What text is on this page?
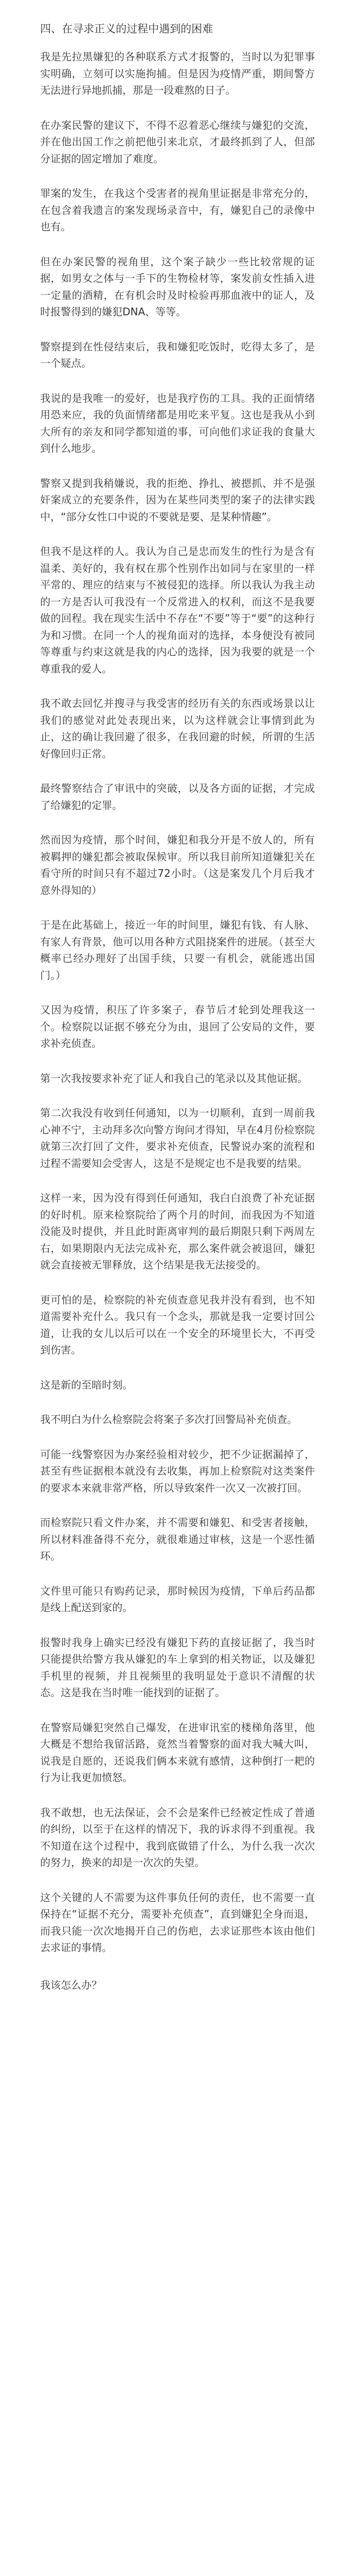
四、在寻求正义的过程中遇到的困难
我是先拉黑嫌犯的各种联系方式才报警的，当时以为犯罪事实明确，立刻可以实施拘捕。但是因为疫情严重，期间警方无法进行异地抓捕，那是一段难熬的日子。
在办案民警的建议下，不得不忍着恶心继续与嫌犯的交流，并在他出国工作之前把他引来北京，才最终抓到了人，但部分证据的固定增加了难度。
罪案的发生，在我这个受害者的视角里证据是非常充分的，在包含着我遗言的案发现场录音中，有，嫌犯自己的录像中也有。
但在办案民警的视角里，这个案子缺少一些比较常规的证据，如男女之体与一手下的生物检材等，案发前女性插入进一定量的酒精，在有机会时及时检验再那血液中的证人，及时报警得到的嫌犯DNA、等等。
警察提到在性侵结束后，我和嫌犯吃饭时，吃得太多了，是一个疑点。
我说的是我唯一的爱好，也是我疗伤的工具。我的正面情绪用恐来应，我的负面情绪都是用吃来平复。这也是我从小到大所有的亲友和同学都知道的事，可向他们求证我的食量大到什么地步。
警察又提到我稍嫌说，我的拒绝、挣扎、被摁抓、并不是强奸案成立的充要条件，因为在某些同类型的案子的法律实践中，“部分女性口中说的不要就是要、是某种情趣”。
但我不是这样的人。我认为自己是忠而发生的性行为是含有温柔、美好的，我有权在那个性别作出如同与在家里的一样平常的、理应的结束与不被侵犯的选择。所以我认为我主动的一方是否认可我没有一个反常进入的权利，而这不是我要做的回程。我在现实生活中不存在“不要”等于“要”的这种行为和习惯。在同一个人的视角面对的选择，本身便没有被同等尊重与约束这就是我的内心的选择，因为我要的就是一个尊重我的爱人。
我不敢去回忆并搜寻与我受害的经历有关的东西或场景以让我们的感觉对此处表现出来，以为这样就会让事情到此为止，这的确让我回避了很多，在我回避的时候，所谓的生活好像回归正常。
最终警察结合了审讯中的突破，以及各方面的证据，才完成了给嫌犯的定罪。
然而因为疫情，那个时间，嫌犯和我分开是不放人的，所有被羁押的嫌犯都会被取保候审。所以我目前所知道嫌犯关在看守所的时间只有不超过72小时。（这是案发几个月后我才意外得知的）
于是在此基础上，接近一年的时间里，嫌犯有钱、有人脉、有家人有背景，他可以用各种方式阻挠案件的进展。（甚至大概率已经办理好了出国手续，只要一有机会，就能逃出国门。）
又因为疫情，积压了许多案子，春节后才轮到处理我这一个。检察院以证据不够充分为由，退回了公安局的文件，要求补充侦查。
第一次我按要求补充了证人和我自己的笔录以及其他证据。
第二次我没有收到任何通知，以为一切顺利，直到一周前我心神不宁，主动拜多次向警方询问才得知，早在4月份检察院就第三次打回了文件，要求补充侦查，民警说办案的流程和过程不需要知会受害人，这是不是规定也不是我要的结果。
这样一来，因为没有得到任何通知，我白白浪费了补充证据的好时机。原来检察院给了两个月的时间，而我因为不知道没能及时提供，并且此时距离审判的最后期限只剩下两周左右，如果期限内无法完成补充，那么案件就会被退回，嫌犯就会直接被无罪释放，这个结果是我无法接受的。
更可怕的是，检察院的补充侦查意见我并没有看到，也不知道需要补充什么。我只有一个念头，那就是我一定要讨回公道，让我的女儿以后可以在一个安全的环境里长大，不再受到伤害。
这是新的至暗时刻。
我不明白为什么检察院会将案子多次打回警局补充侦查。
可能一线警察因为办案经验相对较少，把不少证据漏掉了，甚至有些证据根本就没有去收集，再加上检察院对这类案件的要求本来就非常严格，所以导致案件一次又一次被打回。
而检察院只看文件办案，并不需要和嫌犯、和受害者接触，所以材料准备得不充分，就很难通过审核，这是一个恶性循环。
文件里可能只有购药记录，那时候因为疫情，下单后药品都是线上配送到家的。
报警时我身上确实已经没有嫌犯下药的直接证据了，我当时只能提供给警方我从嫌犯的车上拿到的相关物证，以及嫌犯手机里的视频，并且视频里的我明显处于意识不清醒的状态。这是我在当时唯一能找到的证据了。
在警察局嫌犯突然自己爆发，在进审讯室的楼梯角落里，他大概是不想给我留活路，竟然当着警察的面对我大喊大叫，说我是自愿的，还说我们俩本来就有感情，这种倒打一耙的行为让我更加愤怒。
我不敢想，也无法保证，会不会是案件已经被定性成了普通的纠纷，以至于在这样的情况下，我的诉求得不到重视。我不知道在这个过程中，我到底做错了什么，为什么我一次次的努力，换来的却是一次次的失望。
这个关键的人不需要为这件事负任何的责任，也不需要一直保持在“证据不充分，需要补充侦查”，直到嫌犯全身而退，而我只能一次次地揭开自己的伤疤，去求证那些本该由他们去求证的事情。
我该怎么办？
